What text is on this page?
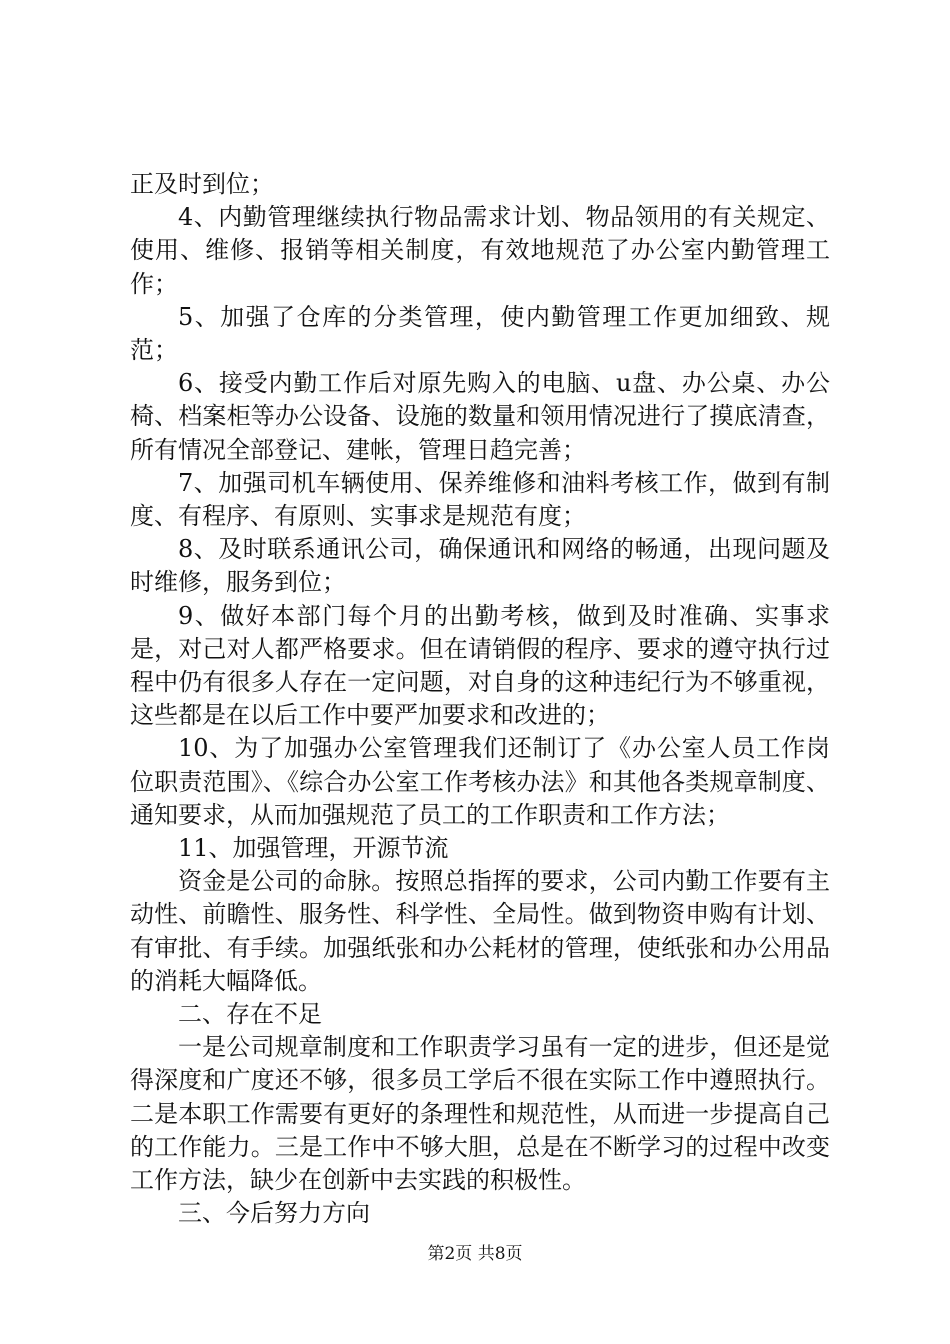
正及时到位；

4、内勤管理继续执行物品需求计划、物品领用的有关规定、使用、维修、报销等相关制度，有效地规范了办公室内勤管理工作；

5、加强了仓库的分类管理，使内勤管理工作更加细致、规范；

6、接受内勤工作后对原先购入的电脑、u盘、办公桌、办公椅、档案柜等办公设备、设施的数量和领用情况进行了摸底清查，所有情况全部登记、建帐，管理日趋完善；

7、加强司机车辆使用、保养维修和油料考核工作，做到有制度、有程序、有原则、实事求是规范有度；

8、及时联系通讯公司，确保通讯和网络的畅通，出现问题及时维修，服务到位；

9、做好本部门每个月的出勤考核，做到及时准确、实事求是，对己对人都严格要求。但在请销假的程序、要求的遵守执行过程中仍有很多人存在一定问题，对自身的这种违纪行为不够重视，这些都是在以后工作中要严加要求和改进的；

10、为了加强办公室管理我们还制订了《办公室人员工作岗位职责范围》、《综合办公室工作考核办法》和其他各类规章制度、通知要求，从而加强规范了员工的工作职责和工作方法；

11、加强管理，开源节流

资金是公司的命脉。按照总指挥的要求，公司内勤工作要有主动性、前瞻性、服务性、科学性、全局性。做到物资申购有计划、有审批、有手续。加强纸张和办公耗材的管理，使纸张和办公用品的消耗大幅降低。

二、存在不足

一是公司规章制度和工作职责学习虽有一定的进步，但还是觉得深度和广度还不够，很多员工学后不很在实际工作中遵照执行。二是本职工作需要有更好的条理性和规范性，从而进一步提高自己的工作能力。三是工作中不够大胆，总是在不断学习的过程中改变工作方法，缺少在创新中去实践的积极性。

三、今后努力方向

第2页 共8页
